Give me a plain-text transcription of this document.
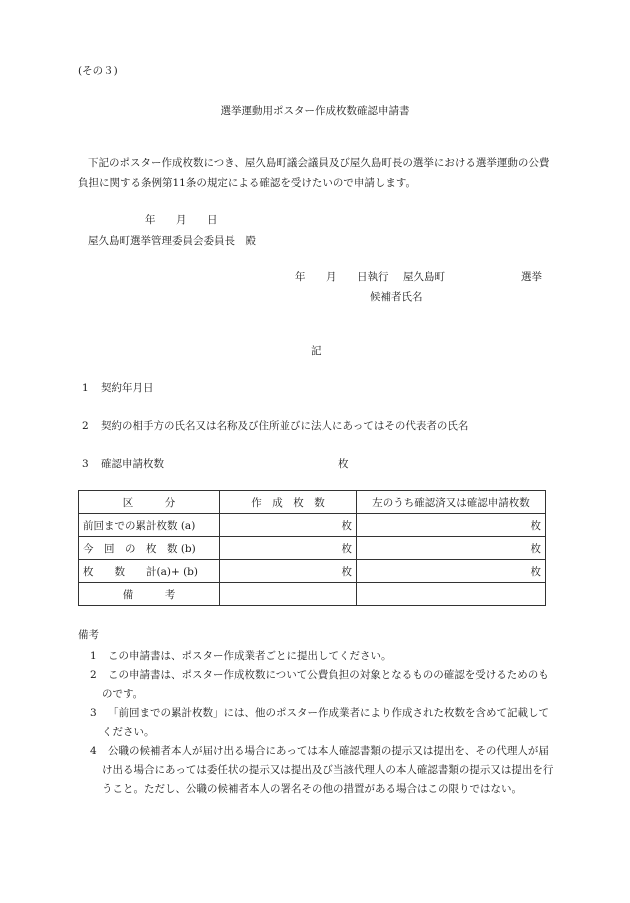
(その３)
選挙運動用ポスター作成枚数確認申請書
下記のポスター作成枚数につき、屋久島町議会議員及び屋久島町長の選挙における選挙運動の公費負担に関する条例第11条の規定による確認を受けたいので申請します。
年 月 日
屋久島町選挙管理委員会委員長　殿
年 月 日執行 屋久島町	選挙
候補者氏名
記
1 契約年月日
2 契約の相手方の氏名又は名称及び住所並びに法人にあってはその代表者の氏名
3 確認申請枚数	枚
区　　　分	作　成　枚　数	左のうち確認済又は確認申請枚数
前回までの累計枚数 (a)	枚	枚
今　回　の　枚　数 (b)	枚	枚
枚　　数　　計(a)+ (b)	枚	枚
備　　　考		
備考
1 この申請書は、ポスター作成業者ごとに提出してください。
2 この申請書は、ポスター作成枚数について公費負担の対象となるものの確認を受けるためのものです。
3 「前回までの累計枚数」には、他のポスター作成業者により作成された枚数を含めて記載してください。
4 公職の候補者本人が届け出る場合にあっては本人確認書類の提示又は提出を、その代理人が届け出る場合にあっては委任状の提示又は提出及び当該代理人の本人確認書類の提示又は提出を行うこと。ただし、公職の候補者本人の署名その他の措置がある場合はこの限りではない。
